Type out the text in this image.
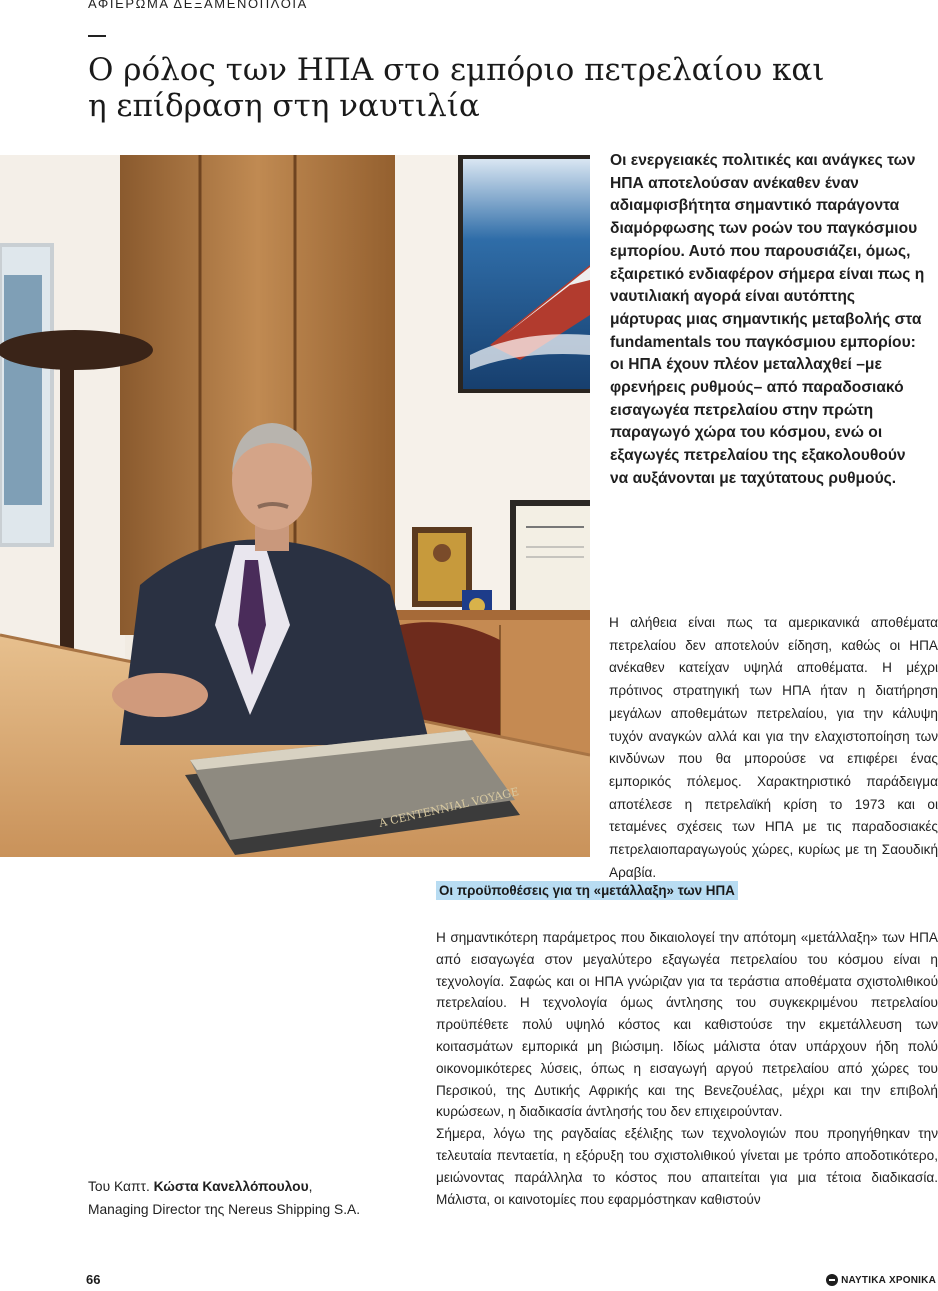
ΑΦΙΕΡΩΜΑ ΔΕΞΑΜΕΝΟΠΛΟΙΑ
Ο ρόλος των ΗΠΑ στο εμπόριο πετρελαίου και η επίδραση στη ναυτιλία
A CENTENNIAL VOYAGE

Οι ενεργειακές πολιτικές και ανάγκες των ΗΠΑ αποτελούσαν ανέκαθεν έναν αδιαμφισβήτητα σημαντικό παράγοντα διαμόρφωσης των ροών του παγκόσμιου εμπορίου. Αυτό που παρουσιάζει, όμως, εξαιρετικό ενδιαφέρον σήμερα είναι πως η ναυτιλιακή αγορά είναι αυτόπτης μάρτυρας μιας σημαντικής μεταβολής στα fundamentals του παγκόσμιου εμπορίου: οι ΗΠΑ έχουν πλέον μεταλλαχθεί –με φρενήρεις ρυθμούς– από παραδοσιακό εισαγωγέα πετρελαίου στην πρώτη παραγωγό χώρα του κόσμου, ενώ οι εξαγωγές πετρελαίου της εξακολουθούν να αυξάνονται με ταχύτατους ρυθμούς.

Η αλήθεια είναι πως τα αμερικανικά αποθέματα πετρελαίου δεν αποτελούν είδηση, καθώς οι ΗΠΑ ανέκαθεν κατείχαν υψηλά αποθέματα. Η μέχρι πρότινος στρατηγική των ΗΠΑ ήταν η διατήρηση μεγάλων αποθεμάτων πετρελαίου, για την κάλυψη τυχόν αναγκών αλλά και για την ελαχιστοποίηση των κινδύνων που θα μπορούσε να επιφέρει ένας εμπορικός πόλεμος. Χαρακτηριστικό παράδειγμα αποτέλεσε η πετρελαϊκή κρίση το 1973 και οι τεταμένες σχέσεις των ΗΠΑ με τις παραδοσιακές πετρελαιοπαραγωγούς χώρες, κυρίως με τη Σαουδική Αραβία.

Οι προϋποθέσεις για τη «μετάλλαξη» των ΗΠΑ

Η σημαντικότερη παράμετρος που δικαιολογεί την απότομη «μετάλλαξη» των ΗΠΑ από εισαγωγέα στον μεγαλύτερο εξαγωγέα πετρελαίου του κόσμου είναι η τεχνολογία. Σαφώς και οι ΗΠΑ γνώριζαν για τα τεράστια αποθέματα σχιστολιθικού πετρελαίου. Η τεχνολογία όμως άντλησης του συγκεκριμένου πετρελαίου προϋπέθετε πολύ υψηλό κόστος και καθιστούσε την εκμετάλλευση των κοιτασμάτων εμπορικά μη βιώσιμη. Ιδίως μάλιστα όταν υπάρχουν ήδη πολύ οικονομικότερες λύσεις, όπως η εισαγωγή αργού πετρελαίου από χώρες του Περσικού, της Δυτικής Αφρικής και της Βενεζουέλας, μέχρι και την επιβολή κυρώσεων, η διαδικασία άντλησής του δεν επιχειρούνταν.

Σήμερα, λόγω της ραγδαίας εξέλιξης των τεχνολογιών που προηγήθηκαν την τελευταία πενταετία, η εξόρυξη του σχιστολιθικού γίνεται με τρόπο αποδοτικότερο, μειώνοντας παράλληλα το κόστος που απαιτείται για μια τέτοια διαδικασία. Μάλιστα, οι καινοτομίες που εφαρμόστηκαν καθιστούν

Του Καπτ. Κώστα Κανελλόπουλου,
Managing Director της Nereus Shipping S.A.
66	ΝΑΥΤΙΚΑ ΧΡΟΝΙΚΑ
